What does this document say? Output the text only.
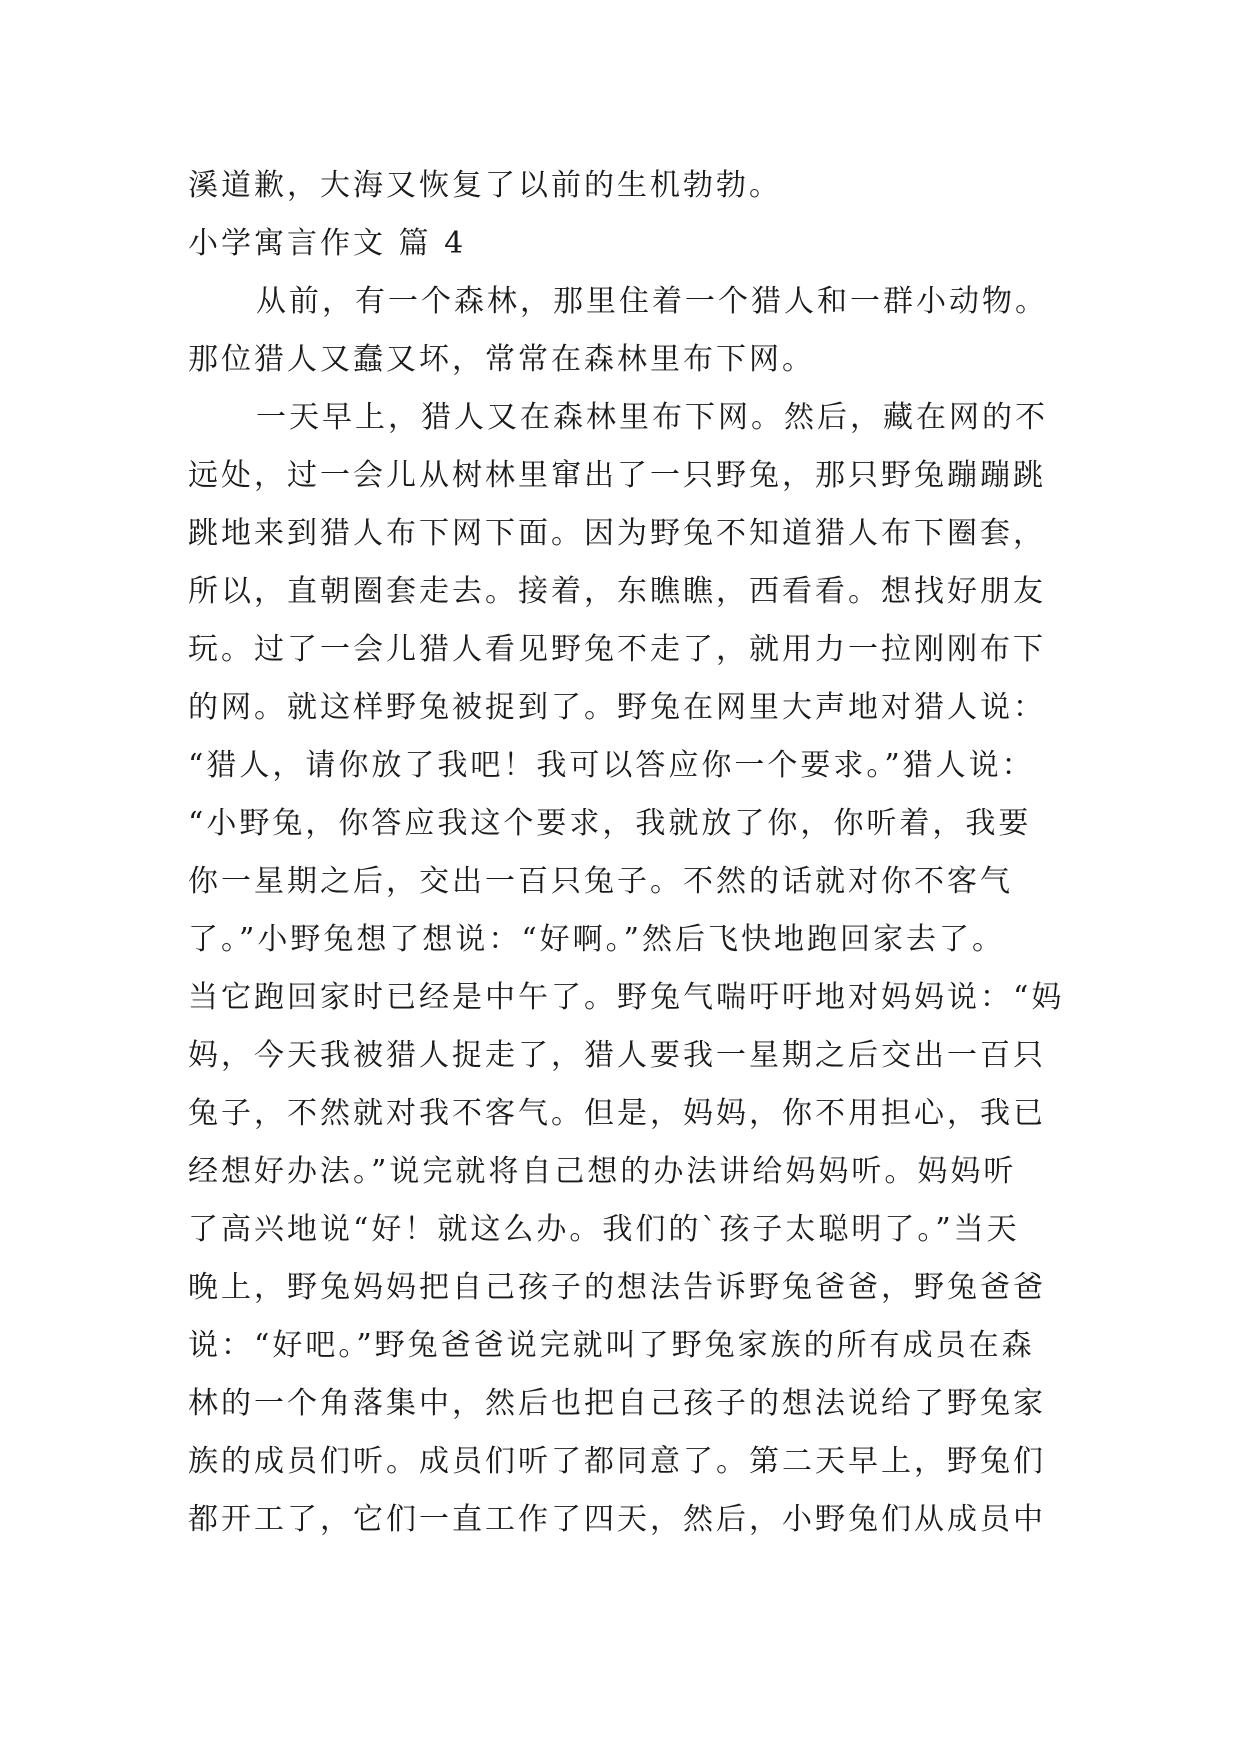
溪道歉，大海又恢复了以前的生机勃勃。
小学寓言作文 篇 4
从前，有一个森林，那里住着一个猎人和一群小动物。
那位猎人又蠢又坏，常常在森林里布下网。
一天早上，猎人又在森林里布下网。然后，藏在网的不
远处，过一会儿从树林里窜出了一只野兔，那只野兔蹦蹦跳
跳地来到猎人布下网下面。因为野兔不知道猎人布下圈套，
所以，直朝圈套走去。接着，东瞧瞧，西看看。想找好朋友
玩。过了一会儿猎人看见野兔不走了，就用力一拉刚刚布下
的网。就这样野兔被捉到了。野兔在网里大声地对猎人说：
“猎人，请你放了我吧！我可以答应你一个要求。”猎人说：
“小野兔，你答应我这个要求，我就放了你，你听着，我要
你一星期之后，交出一百只兔子。不然的话就对你不客气
了。”小野兔想了想说：“好啊。”然后飞快地跑回家去了。
当它跑回家时已经是中午了。野兔气喘吁吁地对妈妈说：“妈
妈，今天我被猎人捉走了，猎人要我一星期之后交出一百只
兔子，不然就对我不客气。但是，妈妈，你不用担心，我已
经想好办法。”说完就将自己想的办法讲给妈妈听。妈妈听
了高兴地说“好！就这么办。我们的`孩子太聪明了。”当天
晚上，野兔妈妈把自己孩子的想法告诉野兔爸爸，野兔爸爸
说：“好吧。”野兔爸爸说完就叫了野兔家族的所有成员在森
林的一个角落集中，然后也把自己孩子的想法说给了野兔家
族的成员们听。成员们听了都同意了。第二天早上，野兔们
都开工了，它们一直工作了四天，然后，小野兔们从成员中
